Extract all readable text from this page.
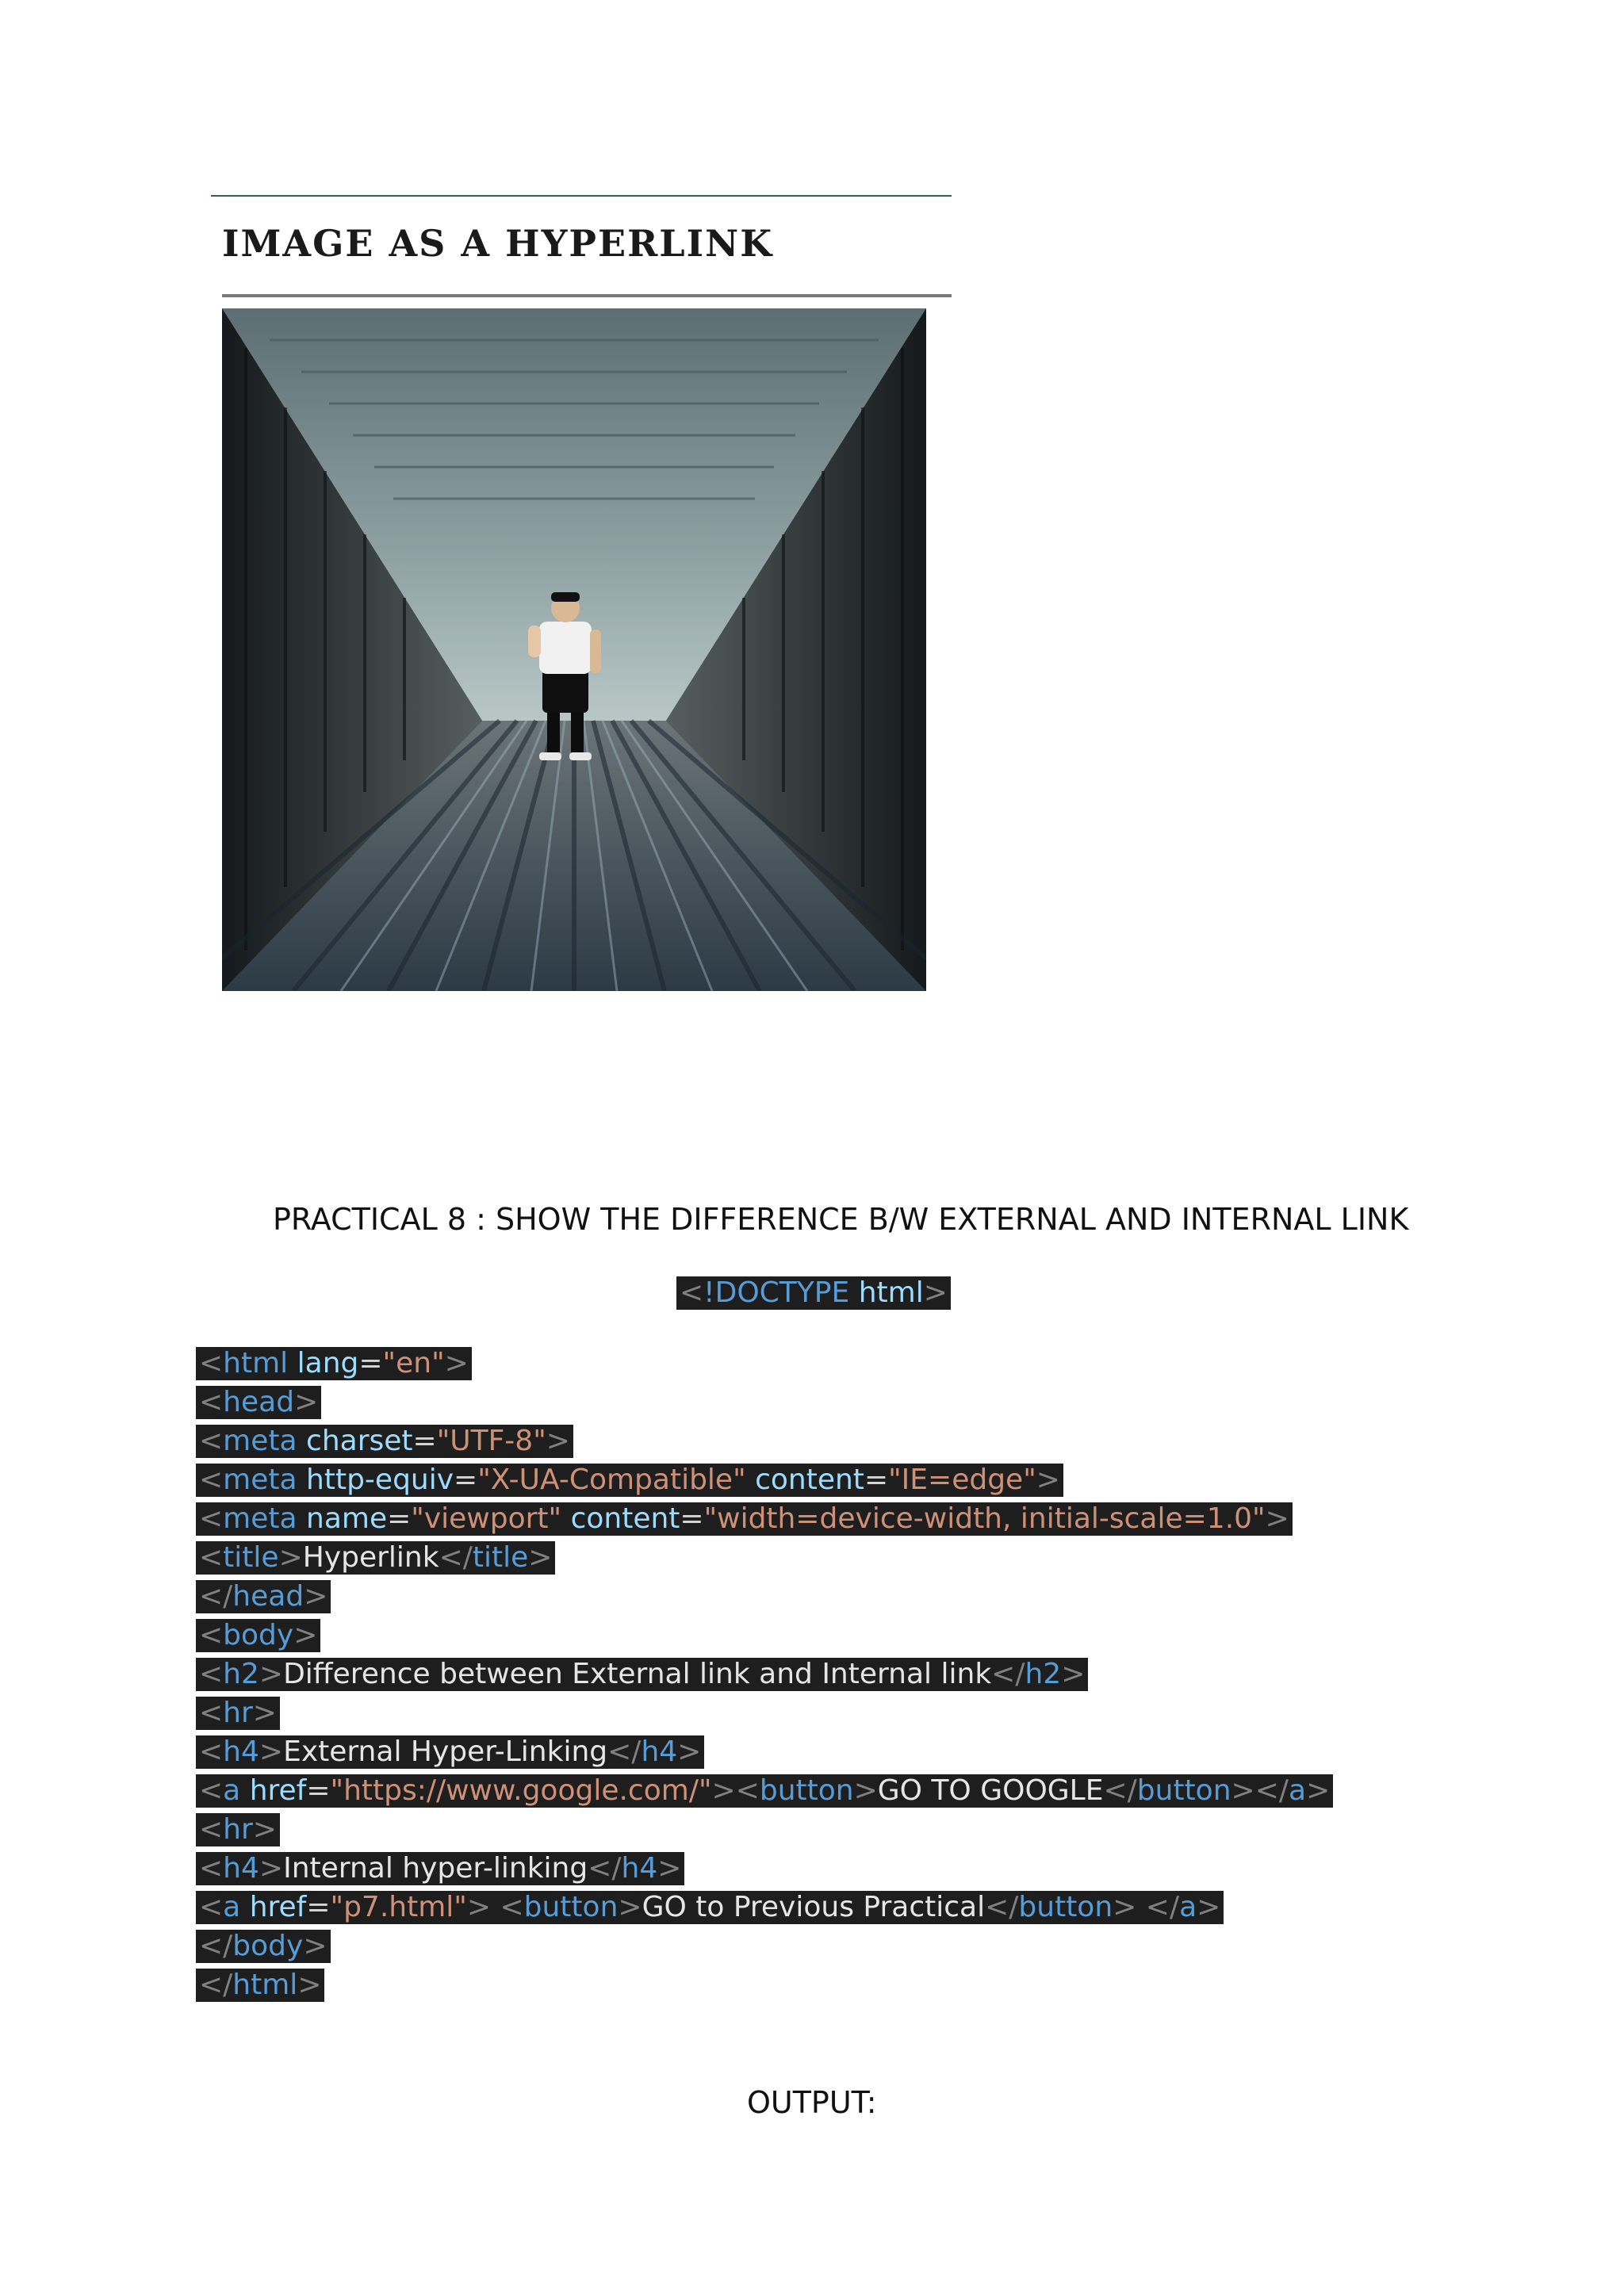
IMAGE AS A HYPERLINK
PRACTICAL 8 : SHOW THE DIFFERENCE B/W EXTERNAL AND INTERNAL LINK
<!DOCTYPE html>
<html lang="en">
<head>
<meta charset="UTF-8">
<meta http-equiv="X-UA-Compatible" content="IE=edge">
<meta name="viewport" content="width=device-width, initial-scale=1.0">
<title>Hyperlink</title>
</head>
<body>
<h2>Difference between External link and Internal link</h2>
<hr>
<h4>External Hyper-Linking</h4>
<a href="https://www.google.com/"><button>GO TO GOOGLE</button></a>
<hr>
<h4>Internal hyper-linking</h4>
<a href="p7.html"> <button>GO to Previous Practical</button> </a>
</body>
</html>
OUTPUT:
